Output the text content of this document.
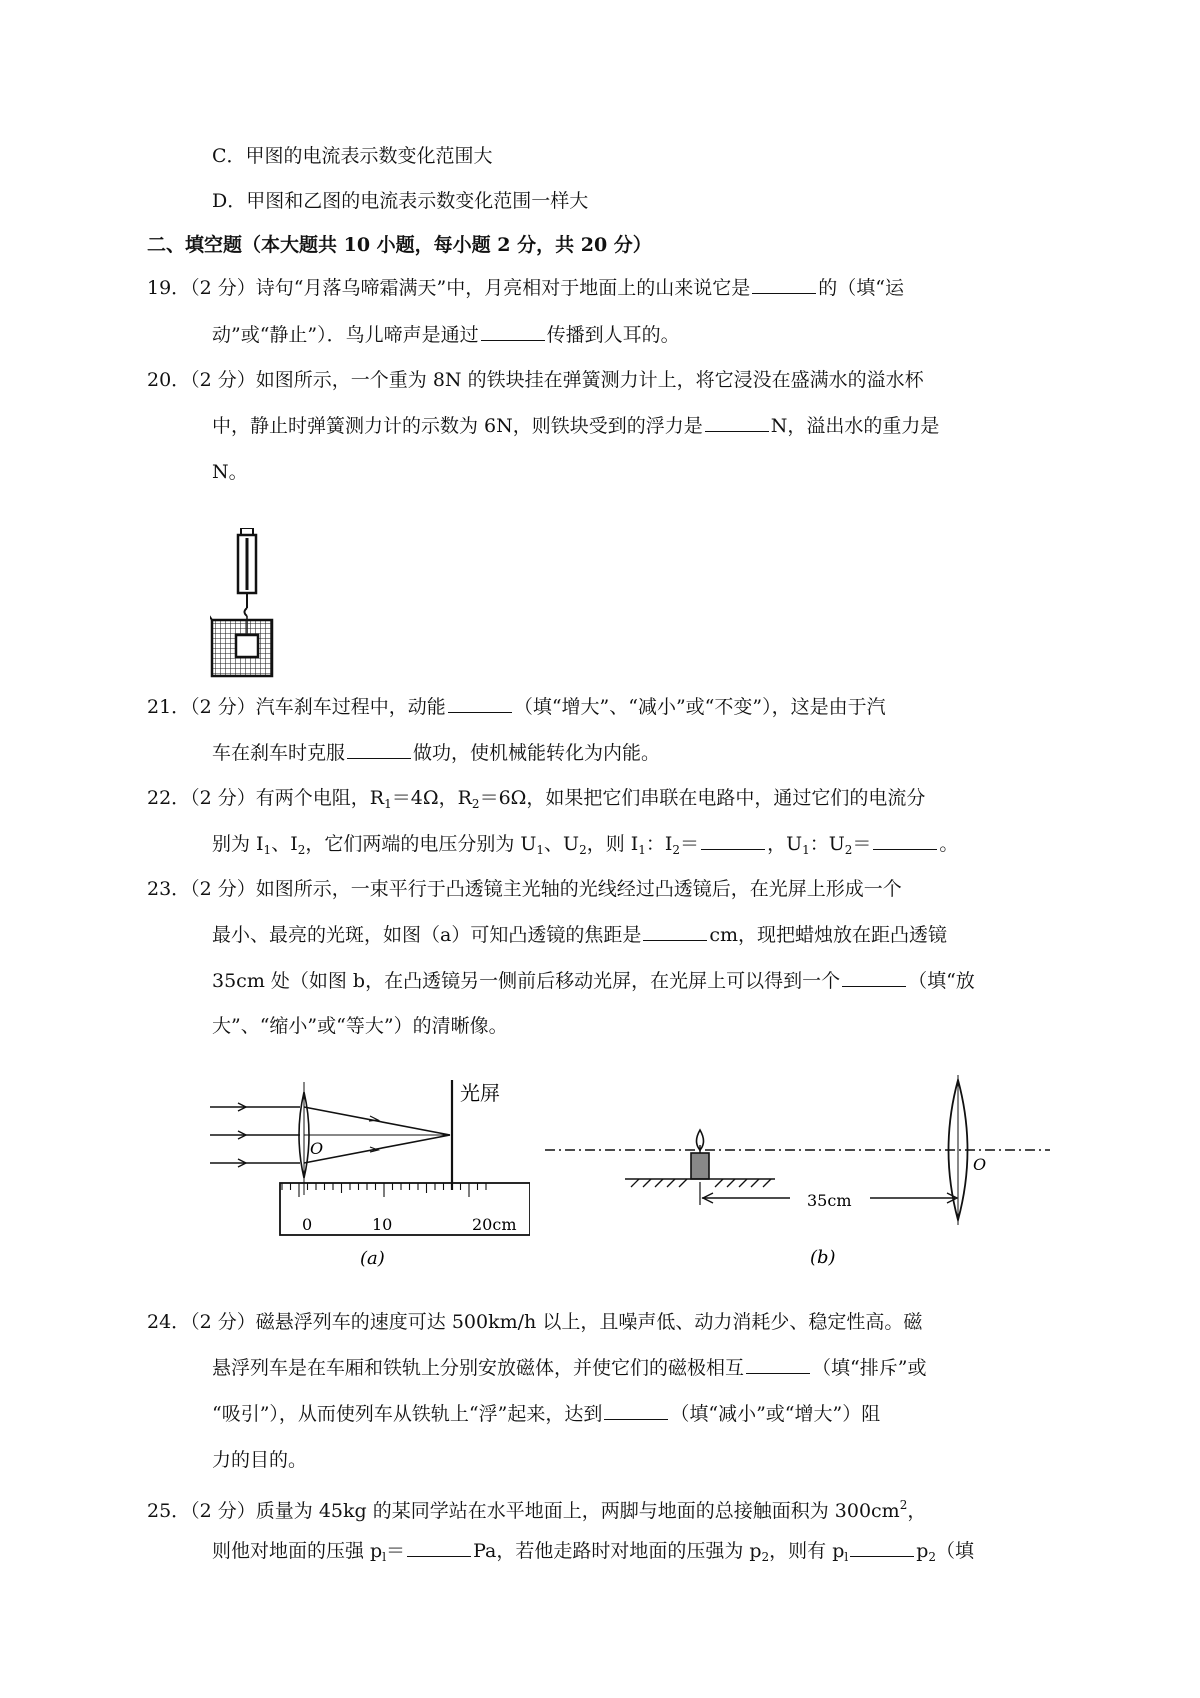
C．甲图的电流表示数变化范围大
D．甲图和乙图的电流表示数变化范围一样大
二、填空题（本大题共 10 小题，每小题 2 分，共 20 分）
19．（2 分）诗句“月落乌啼霜满天”中，月亮相对于地面上的山来说它是	的（填“运
动”或“静止”）．鸟儿啼声是通过	传播到人耳的。
20．（2 分）如图所示，一个重为 8N 的铁块挂在弹簧测力计上，将它浸没在盛满水的溢水杯
中，静止时弹簧测力计的示数为 6N，则铁块受到的浮力是	N，溢出水的重力是
N。
21．（2 分）汽车刹车过程中，动能	（填“增大”、“减小”或“不变”），这是由于汽
车在刹车时克服	做功，使机械能转化为内能。
22．（2 分）有两个电阻，$R_1=4\Omega$，$R_2=6\Omega$，如果把它们串联在电路中，通过它们的电流分
别为 $I_1$、$I_2$，它们两端的电压分别为 $U_1$、$U_2$，则 $I_1$：$I_2=$	，$U_1$：$U_2=$	。
23．（2 分）如图所示，一束平行于凸透镜主光轴的光线经过凸透镜后，在光屏上形成一个
最小、最亮的光斑，如图（a）可知凸透镜的焦距是	cm，现把蜡烛放在距凸透镜
35cm 处（如图 b，在凸透镜另一侧前后移动光屏，在光屏上可以得到一个	（填“放
大”、“缩小”或“等大”）的清晰像。
光屏
O
0	10	20cm
(a)
35cm
O
(b)
24．（2 分）磁悬浮列车的速度可达 500km/h 以上，且噪声低、动力消耗少、稳定性高。磁
悬浮列车是在车厢和铁轨上分别安放磁体，并使它们的磁极相互	（填“排斥”或
“吸引”），从而使列车从铁轨上“浮”起来，达到	（填“减小”或“增大”）阻
力的目的。
25．（2 分）质量为 45kg 的某同学站在水平地面上，两脚与地面的总接触面积为 $300cm^2$，
则他对地面的压强 $p_l=$	Pa，若他走路时对地面的压强为 $p_2$，则有 $p_l$	$p_2$（填
